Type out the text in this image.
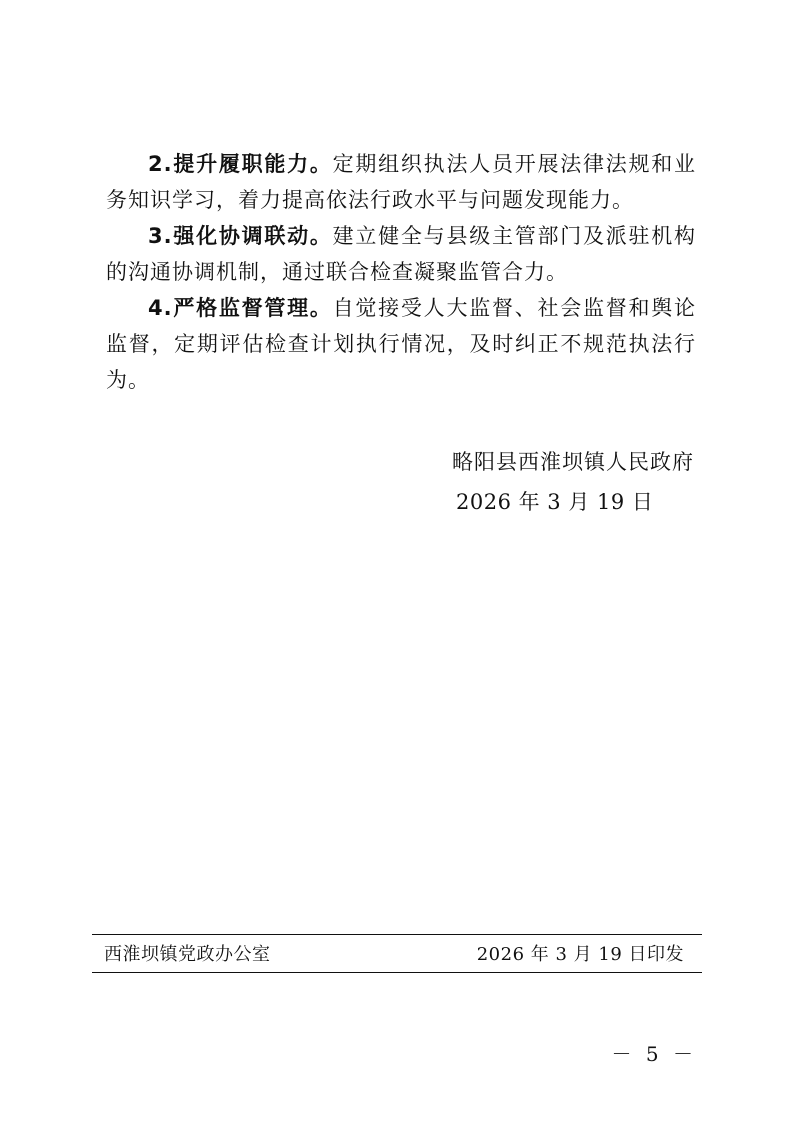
2.提升履职能力。定期组织执法人员开展法律法规和业务知识学习，着力提高依法行政水平与问题发现能力。

3.强化协调联动。建立健全与县级主管部门及派驻机构的沟通协调机制，通过联合检查凝聚监管合力。

4.严格监督管理。自觉接受人大监督、社会监督和舆论监督，定期评估检查计划执行情况，及时纠正不规范执法行为。

略阳县西淮坝镇人民政府
2026 年 3 月 19 日
西淮坝镇党政办公室	2026 年 3 月 19 日印发
－ 5 －
